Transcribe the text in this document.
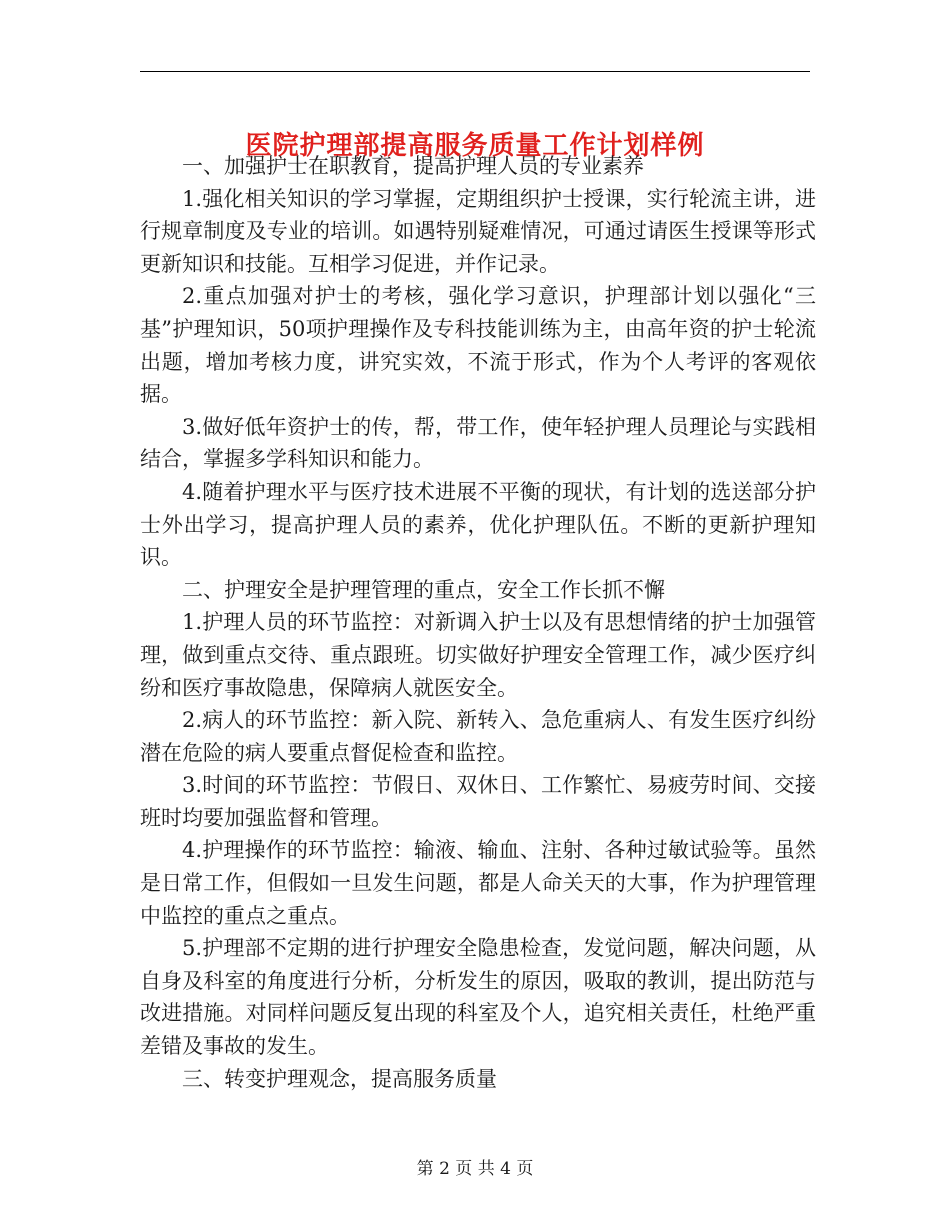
医院护理部提高服务质量工作计划样例

一、加强护士在职教育，提高护理人员的专业素养

1.强化相关知识的学习掌握，定期组织护士授课，实行轮流主讲，进行规章制度及专业的培训。如遇特别疑难情况，可通过请医生授课等形式更新知识和技能。互相学习促进，并作记录。

2.重点加强对护士的考核，强化学习意识，护理部计划以强化“三基”护理知识，50项护理操作及专科技能训练为主，由高年资的护士轮流出题，增加考核力度，讲究实效，不流于形式，作为个人考评的客观依据。

3.做好低年资护士的传，帮，带工作，使年轻护理人员理论与实践相结合，掌握多学科知识和能力。

4.随着护理水平与医疗技术进展不平衡的现状，有计划的选送部分护士外出学习，提高护理人员的素养，优化护理队伍。不断的更新护理知识。

二、护理安全是护理管理的重点，安全工作长抓不懈

1.护理人员的环节监控：对新调入护士以及有思想情绪的护士加强管理，做到重点交待、重点跟班。切实做好护理安全管理工作，减少医疗纠纷和医疗事故隐患，保障病人就医安全。

2.病人的环节监控：新入院、新转入、急危重病人、有发生医疗纠纷潜在危险的病人要重点督促检查和监控。

3.时间的环节监控：节假日、双休日、工作繁忙、易疲劳时间、交接班时均要加强监督和管理。

4.护理操作的环节监控：输液、输血、注射、各种过敏试验等。虽然是日常工作，但假如一旦发生问题，都是人命关天的大事，作为护理管理中监控的重点之重点。

5.护理部不定期的进行护理安全隐患检查，发觉问题，解决问题，从自身及科室的角度进行分析，分析发生的原因，吸取的教训，提出防范与改进措施。对同样问题反复出现的科室及个人，追究相关责任，杜绝严重差错及事故的发生。

三、转变护理观念，提高服务质量

第 2 页 共 4 页
